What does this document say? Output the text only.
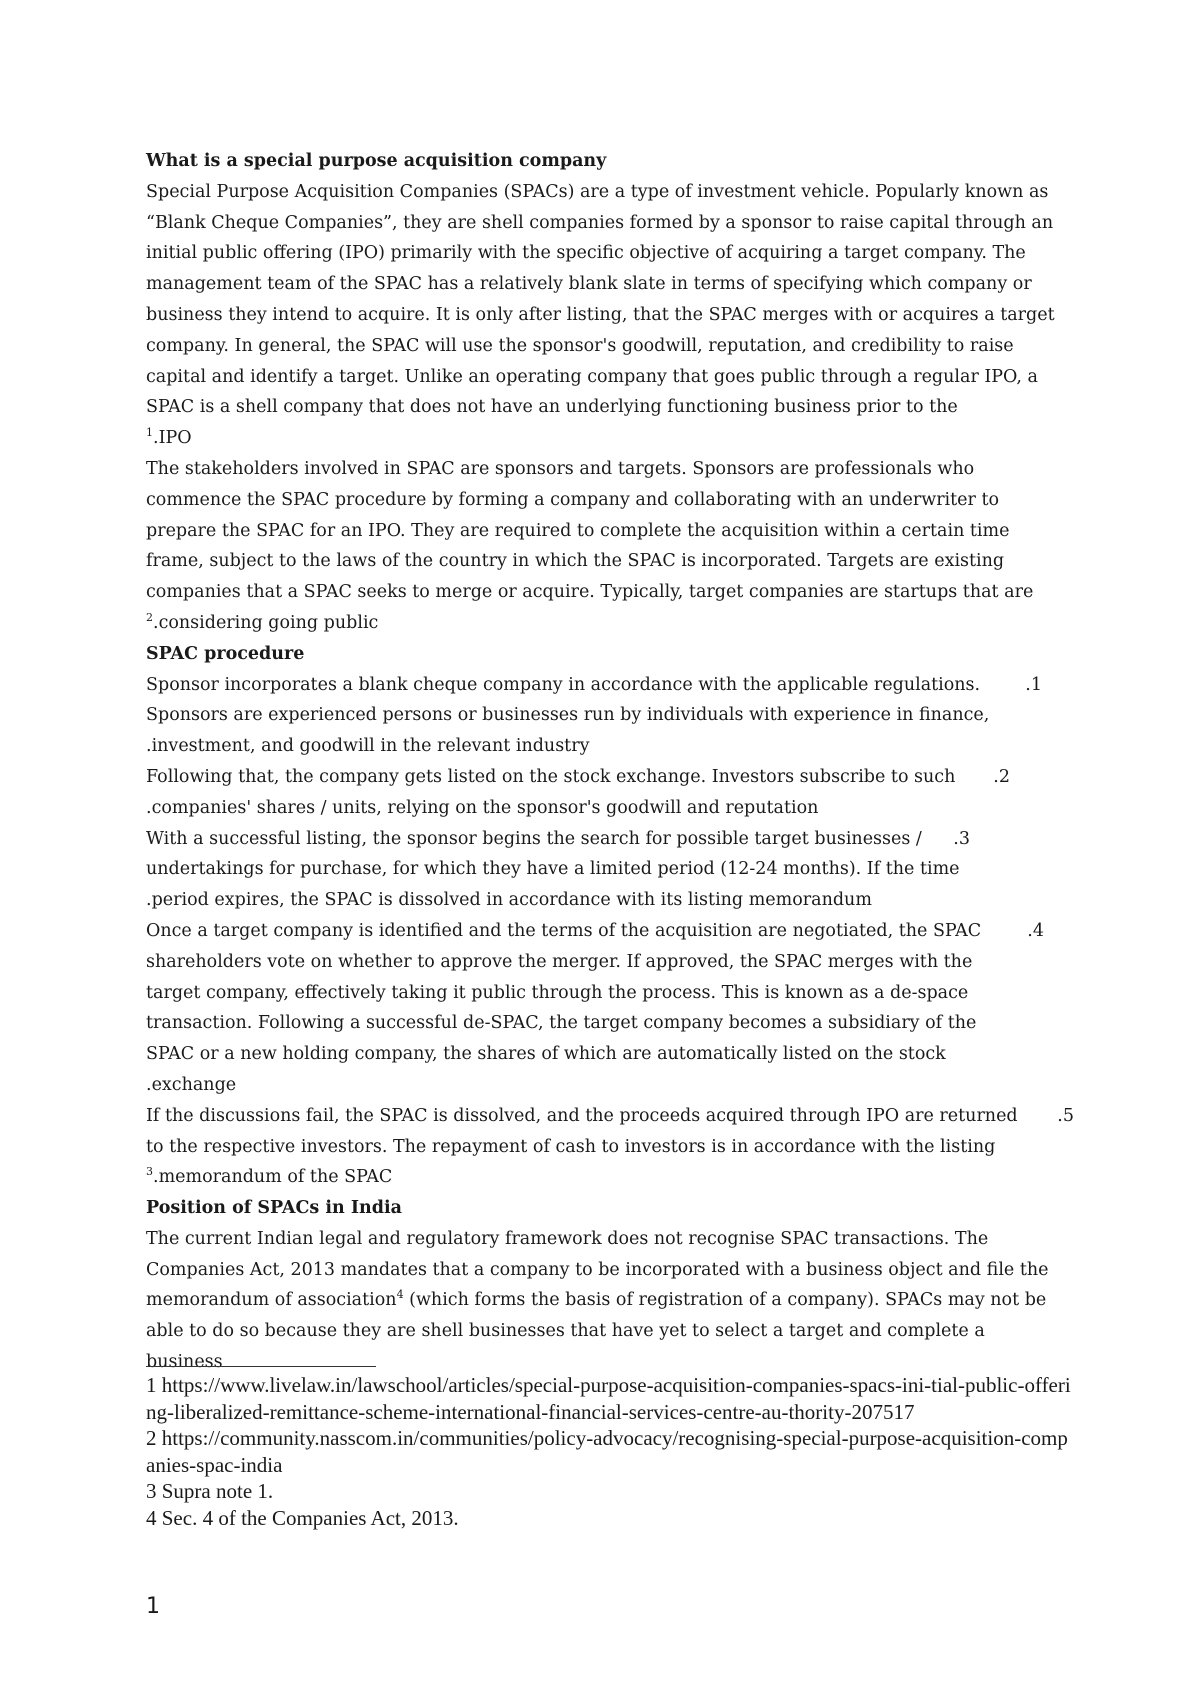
What is a special purpose acquisition company

Special Purpose Acquisition Companies (SPACs) are a type of investment vehicle. Popularly known as “Blank Cheque Companies”, they are shell companies formed by a sponsor to raise capital through an initial public offering (IPO) primarily with the specific objective of acquiring a target company. The management team of the SPAC has a relatively blank slate in terms of specifying which company or business they intend to acquire. It is only after listing, that the SPAC merges with or acquires a target company. In general, the SPAC will use the sponsor's goodwill, reputation, and credibility to raise capital and identify a target. Unlike an operating company that goes public through a regular IPO, a SPAC is a shell company that does not have an underlying functioning business prior to the
$^1$.IPO

The stakeholders involved in SPAC are sponsors and targets. Sponsors are professionals who commence the SPAC procedure by forming a company and collaborating with an underwriter to prepare the SPAC for an IPO. They are required to complete the acquisition within a certain time frame, subject to the laws of the country in which the SPAC is incorporated. Targets are existing companies that a SPAC seeks to merge or acquire. Typically, target companies are startups that are
$^2$.considering going public

SPAC procedure

Sponsor incorporates a blank cheque company in accordance with the applicable regulations.	.1

Sponsors are experienced persons or businesses run by individuals with experience in finance, .investment, and goodwill in the relevant industry
Following that, the company gets listed on the stock exchange. Investors subscribe to such .2

.companies' shares / units, relying on the sponsor's goodwill and reputation
With a successful listing, the sponsor begins the search for possible target businesses / .3

undertakings for purchase, for which they have a limited period (12-24 months). If the time .period expires, the SPAC is dissolved in accordance with its listing memorandum
Once a target company is identified and the terms of the acquisition are negotiated, the SPAC	.4

shareholders vote on whether to approve the merger. If approved, the SPAC merges with the target company, effectively taking it public through the process. This is known as a de-space transaction. Following a successful de-SPAC, the target company becomes a subsidiary of the SPAC or a new holding company, the shares of which are automatically listed on the stock .exchange
If the discussions fail, the SPAC is dissolved, and the proceeds acquired through IPO are returned .5

to the respective investors. The repayment of cash to investors is in accordance with the listing
$^3$.memorandum of the SPAC

Position of SPACs in India

The current Indian legal and regulatory framework does not recognise SPAC transactions. The Companies Act, 2013 mandates that a company to be incorporated with a business object and file the memorandum of association$^4$ (which forms the basis of registration of a company). SPACs may not be able to do so because they are shell businesses that have yet to select a target and complete a business

1 https://www.livelaw.in/lawschool/articles/special-purpose-acquisition-companies-spacs-ini-tial-public-offering-liberalized-remittance-scheme-international-financial-services-centre-au-thority-207517

2 https://community.nasscom.in/communities/policy-advocacy/recognising-special-purpose-acquisition-companies-spac-india

3 Supra note 1.

4 Sec. 4 of the Companies Act, 2013.

1
